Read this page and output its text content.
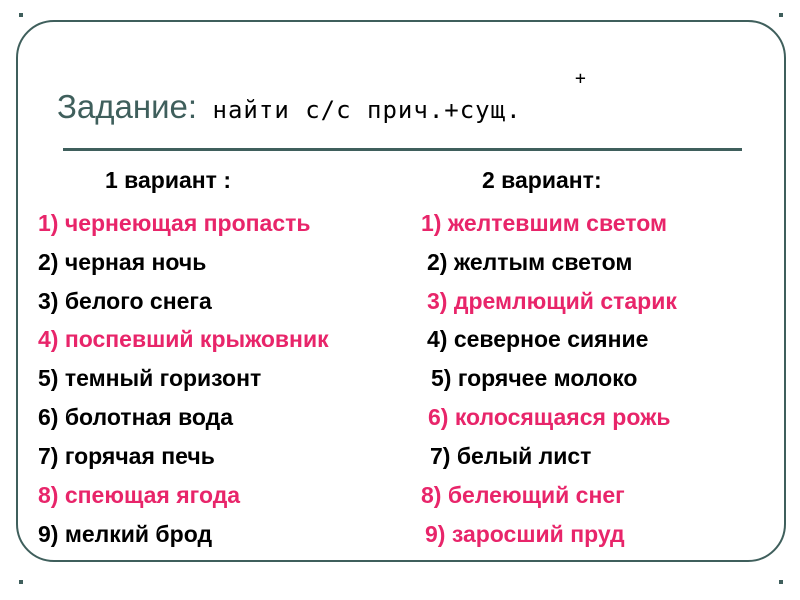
Задание: найти с/с прич.+сущ.
+
1 вариант :	2 вариант:
1) чернеющая пропасть
2) черная ночь
3) белого снега
4) поспевший крыжовник
5) темный горизонт
6) болотная вода
7) горячая печь
8) спеющая ягода
9) мелкий брод
1) желтевшим светом
2) желтым светом
3) дремлющий старик
4) северное сияние
5) горячее молоко
6) колосящаяся рожь
7) белый лист
8) белеющий снег
9) заросший пруд
